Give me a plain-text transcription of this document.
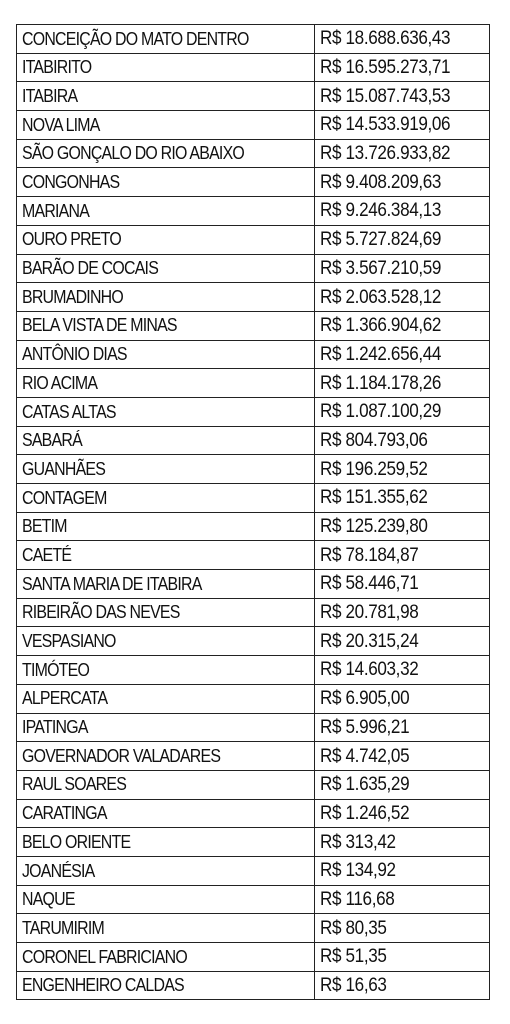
CONCEIÇÃO DO MATO DENTRO	R$ 18.688.636,43
ITABIRITO	R$ 16.595.273,71
ITABIRA	R$ 15.087.743,53
NOVA LIMA	R$ 14.533.919,06
SÃO GONÇALO DO RIO ABAIXO	R$ 13.726.933,82
CONGONHAS	R$ 9.408.209,63
MARIANA	R$ 9.246.384,13
OURO PRETO	R$ 5.727.824,69
BARÃO DE COCAIS	R$ 3.567.210,59
BRUMADINHO	R$ 2.063.528,12
BELA VISTA DE MINAS	R$ 1.366.904,62
ANTÔNIO DIAS	R$ 1.242.656,44
RIO ACIMA	R$ 1.184.178,26
CATAS ALTAS	R$ 1.087.100,29
SABARÁ	R$ 804.793,06
GUANHÃES	R$ 196.259,52
CONTAGEM	R$ 151.355,62
BETIM	R$ 125.239,80
CAETÉ	R$ 78.184,87
SANTA MARIA DE ITABIRA	R$ 58.446,71
RIBEIRÃO DAS NEVES	R$ 20.781,98
VESPASIANO	R$ 20.315,24
TIMÓTEO	R$ 14.603,32
ALPERCATA	R$ 6.905,00
IPATINGA	R$ 5.996,21
GOVERNADOR VALADARES	R$ 4.742,05
RAUL SOARES	R$ 1.635,29
CARATINGA	R$ 1.246,52
BELO ORIENTE	R$ 313,42
JOANÉSIA	R$ 134,92
NAQUE	R$ 116,68
TARUMIRIM	R$ 80,35
CORONEL FABRICIANO	R$ 51,35
ENGENHEIRO CALDAS	R$ 16,63
